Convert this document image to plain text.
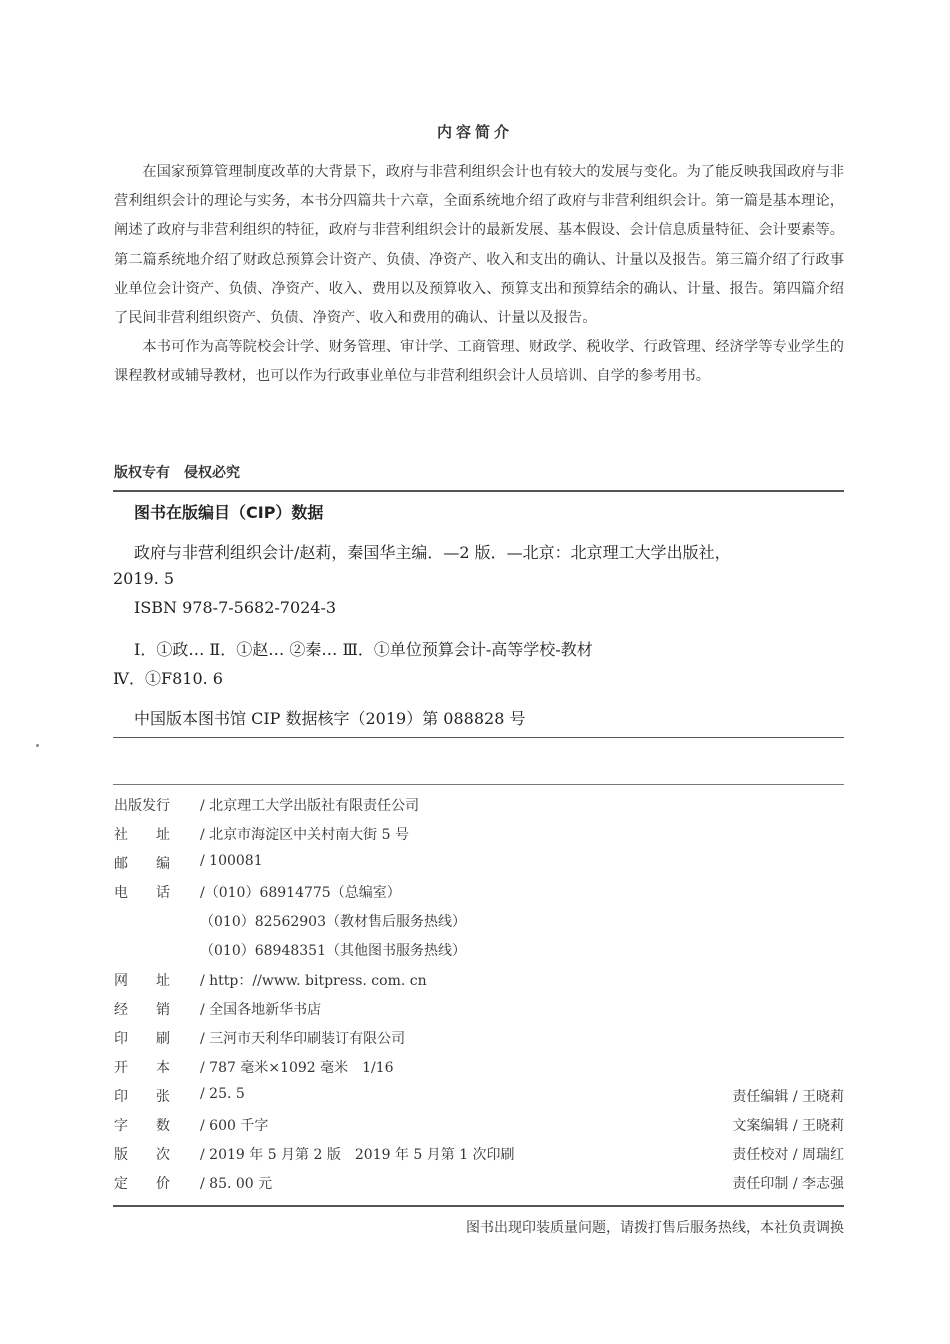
内容简介

在国家预算管理制度改革的大背景下，政府与非营利组织会计也有较大的发展与变化。为了能反映我国政府与非营利组织会计的理论与实务，本书分四篇共十六章，全面系统地介绍了政府与非营利组织会计。第一篇是基本理论，阐述了政府与非营利组织的特征，政府与非营利组织会计的最新发展、基本假设、会计信息质量特征、会计要素等。第二篇系统地介绍了财政总预算会计资产、负债、净资产、收入和支出的确认、计量以及报告。第三篇介绍了行政事业单位会计资产、负债、净资产、收入、费用以及预算收入、预算支出和预算结余的确认、计量、报告。第四篇介绍了民间非营利组织资产、负债、净资产、收入和费用的确认、计量以及报告。

本书可作为高等院校会计学、财务管理、审计学、工商管理、财政学、税收学、行政管理、经济学等专业学生的课程教材或辅导教材，也可以作为行政事业单位与非营利组织会计人员培训、自学的参考用书。

版权专有 侵权必究
图书在版编目（CIP）数据
政府与非营利组织会计/赵莉，秦国华主编．—2 版．—北京：北京理工大学出版社，
2019. 5
ISBN 978-7-5682-7024-3
Ⅰ．①政… Ⅱ．①赵… ②秦… Ⅲ．①单位预算会计-高等学校-教材
Ⅳ．①F810. 6
中国版本图书馆 CIP 数据核字（2019）第 088828 号
出版发行 / 北京理工大学出版社有限责任公司
社　　址 / 北京市海淀区中关村南大街 5 号
邮　　编 / 100081
电　　话 /（010）68914775（总编室）
（010）82562903（教材售后服务热线）
（010）68948351（其他图书服务热线）
网　　址 / http：//www. bitpress. com. cn
经　　销 / 全国各地新华书店
印　　刷 / 三河市天利华印刷装订有限公司
开　　本 / 787 毫米×1092 毫米　1/16
印　　张 / 25. 5	责任编辑 / 王晓莉
字　　数 / 600 千字	文案编辑 / 王晓莉
版　　次 / 2019 年 5 月第 2 版　2019 年 5 月第 1 次印刷	责任校对 / 周瑞红
定　　价 / 85. 00 元	责任印制 / 李志强
图书出现印装质量问题，请拨打售后服务热线，本社负责调换
